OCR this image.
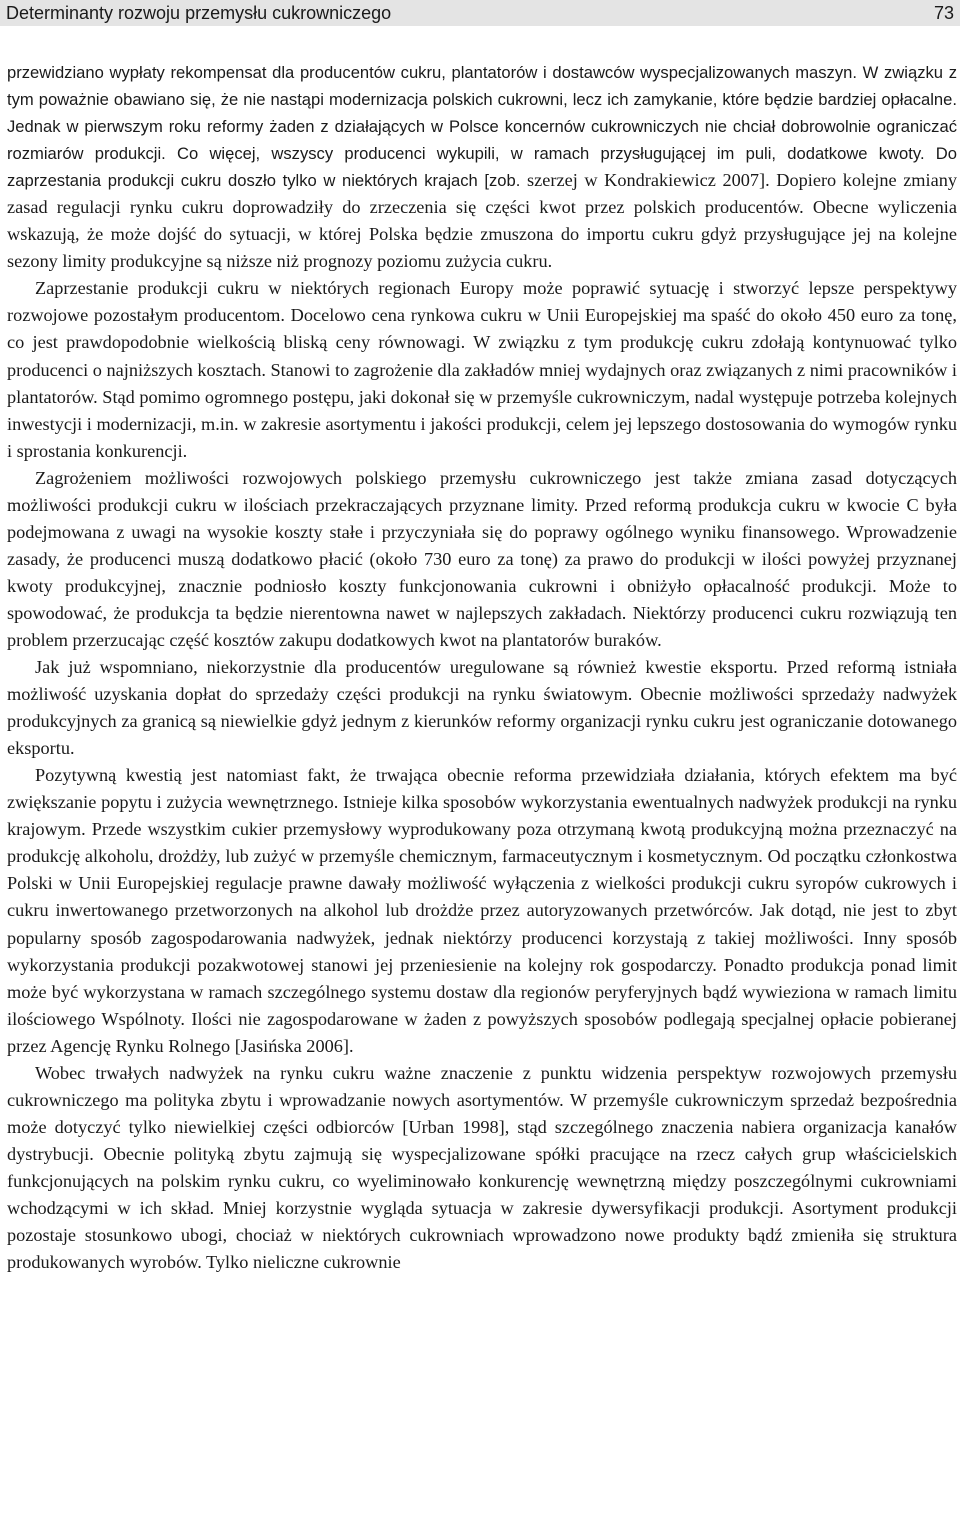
Determinanty rozwoju przemysłu cukrowniczego	73

przewidziano wypłaty rekompensat dla producentów cukru, plantatorów i dostawców wyspecjalizowanych maszyn. W związku z tym poważnie obawiano się, że nie nastąpi modernizacja polskich cukrowni, lecz ich zamykanie, które będzie bardziej opłacalne. Jednak w pierwszym roku reformy żaden z działających w Polsce koncernów cukrowniczych nie chciał dobrowolnie ograniczać rozmiarów produkcji. Co więcej, wszyscy producenci wykupili, w ramach przysługującej im puli, dodatkowe kwoty. Do zaprzestania produkcji cukru doszło tylko w niektórych krajach [zob. szerzej w Kondrakiewicz 2007]. Dopiero kolejne zmiany zasad regulacji rynku cukru doprowadziły do zrzeczenia się części kwot przez polskich producentów. Obecne wyliczenia wskazują, że może dojść do sytuacji, w której Polska będzie zmuszona do importu cukru gdyż przysługujące jej na kolejne sezony limity produkcyjne są niższe niż prognozy poziomu zużycia cukru.

Zaprzestanie produkcji cukru w niektórych regionach Europy może poprawić sytuację i stworzyć lepsze perspektywy rozwojowe pozostałym producentom. Docelowo cena rynkowa cukru w Unii Europejskiej ma spaść do około 450 euro za tonę, co jest prawdopodobnie wielkością bliską ceny równowagi. W związku z tym produkcję cukru zdołają kontynuować tylko producenci o najniższych kosztach. Stanowi to zagrożenie dla zakładów mniej wydajnych oraz związanych z nimi pracowników i plantatorów. Stąd pomimo ogromnego postępu, jaki dokonał się w przemyśle cukrowniczym, nadal występuje potrzeba kolejnych inwestycji i modernizacji, m.in. w zakresie asortymentu i jakości produkcji, celem jej lepszego dostosowania do wymogów rynku i sprostania konkurencji.

Zagrożeniem możliwości rozwojowych polskiego przemysłu cukrowniczego jest także zmiana zasad dotyczących możliwości produkcji cukru w ilościach przekraczających przyznane limity. Przed reformą produkcja cukru w kwocie C była podejmowana z uwagi na wysokie koszty stałe i przyczyniała się do poprawy ogólnego wyniku finansowego. Wprowadzenie zasady, że producenci muszą dodatkowo płacić (około 730 euro za tonę) za prawo do produkcji w ilości powyżej przyznanej kwoty produkcyjnej, znacznie podniosło koszty funkcjonowania cukrowni i obniżyło opłacalność produkcji. Może to spowodować, że produkcja ta będzie nierentowna nawet w najlepszych zakładach. Niektórzy producenci cukru rozwiązują ten problem przerzucając część kosztów zakupu dodatkowych kwot na plantatorów buraków.

Jak już wspomniano, niekorzystnie dla producentów uregulowane są również kwestie eksportu. Przed reformą istniała możliwość uzyskania dopłat do sprzedaży części produkcji na rynku światowym. Obecnie możliwości sprzedaży nadwyżek produkcyjnych za granicą są niewielkie gdyż jednym z kierunków reformy organizacji rynku cukru jest ograniczanie dotowanego eksportu.

Pozytywną kwestią jest natomiast fakt, że trwająca obecnie reforma przewidziała działania, których efektem ma być zwiększanie popytu i zużycia wewnętrznego. Istnieje kilka sposobów wykorzystania ewentualnych nadwyżek produkcji na rynku krajowym. Przede wszystkim cukier przemysłowy wyprodukowany poza otrzymaną kwotą produkcyjną można przeznaczyć na produkcję alkoholu, drożdży, lub zużyć w przemyśle chemicznym, farmaceutycznym i kosmetycznym. Od początku członkostwa Polski w Unii Europejskiej regulacje prawne dawały możliwość wyłączenia z wielkości produkcji cukru syropów cukrowych i cukru inwertowanego przetworzonych na alkohol lub drożdże przez autoryzowanych przetwórców. Jak dotąd, nie jest to zbyt popularny sposób zagospodarowania nadwyżek, jednak niektórzy producenci korzystają z takiej możliwości. Inny sposób wykorzystania produkcji pozakwotowej stanowi jej przeniesienie na kolejny rok gospodarczy. Ponadto produkcja ponad limit może być wykorzystana w ramach szczególnego systemu dostaw dla regionów peryferyjnych bądź wywieziona w ramach limitu ilościowego Wspólnoty. Ilości nie zagospodarowane w żaden z powyższych sposobów podlegają specjalnej opłacie pobieranej przez Agencję Rynku Rolnego [Jasińska 2006].

Wobec trwałych nadwyżek na rynku cukru ważne znaczenie z punktu widzenia perspektyw rozwojowych przemysłu cukrowniczego ma polityka zbytu i wprowadzanie nowych asortymentów. W przemyśle cukrowniczym sprzedaż bezpośrednia może dotyczyć tylko niewielkiej części odbiorców [Urban 1998], stąd szczególnego znaczenia nabiera organizacja kanałów dystrybucji. Obecnie polityką zbytu zajmują się wyspecjalizowane spółki pracujące na rzecz całych grup właścicielskich funkcjonujących na polskim rynku cukru, co wyeliminowało konkurencję wewnętrzną między poszczególnymi cukrowniami wchodzącymi w ich skład. Mniej korzystnie wygląda sytuacja w zakresie dywersyfikacji produkcji. Asortyment produkcji pozostaje stosunkowo ubogi, chociaż w niektórych cukrowniach wprowadzono nowe produkty bądź zmieniła się struktura produkowanych wyrobów. Tylko nieliczne cukrownie
